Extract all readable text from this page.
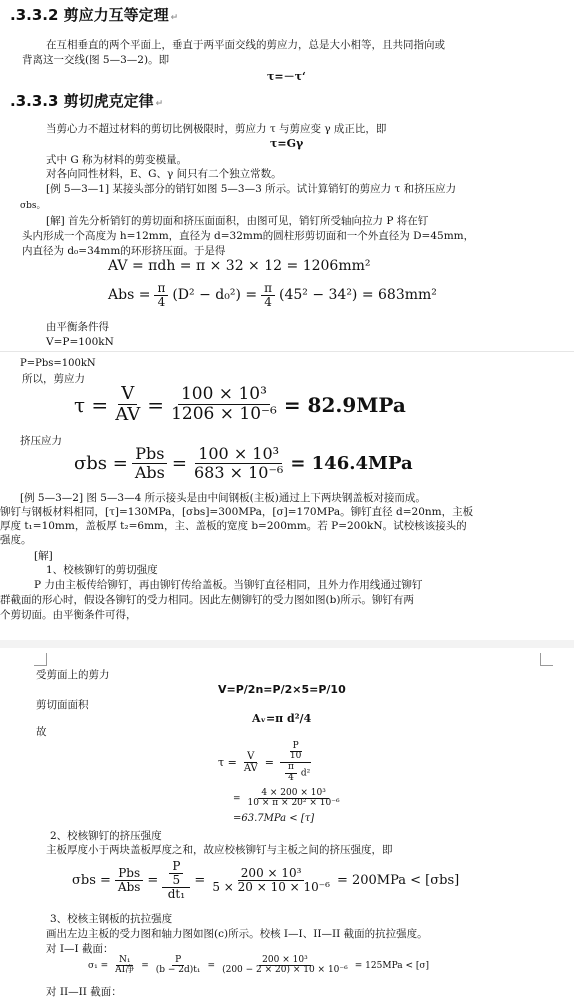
.3.3.2 剪应力互等定理 ↵
在互相垂直的两个平面上，垂直于两平面交线的剪应力，总是大小相等，且共同指向或
背离这一交线(图 5—3—2)。即
τ=－τ‘
.3.3.3 剪切虎克定律 ↵
当剪心力不超过材料的剪切比例极限时，剪应力 τ 与剪应变 γ 成正比，即
τ=Gγ
式中 G 称为材料的剪变模量。
对各向同性材料，E、G、γ 间只有二个独立常数。
[例 5—3—1] 某接头部分的销钉如图 5—3—3 所示。试计算销钉的剪应力 τ 和挤压应力
σbs。
[解] 首先分析销钉的剪切面和挤压面面积，由图可见，销钉所受轴向拉力 P 将在钉
头内形成一个高度为 h=12mm，直径为 d=32mm的圆柱形剪切面和一个外直径为 D=45mm，
内直径为 d₀=34mm的环形挤压面。于是得
AV = πdh = π × 32 × 12 = 1206mm²
Abs = $\frac{\pi}{4} (D^2 - d_0^2) = \frac{\pi}{4} (45^2 - 34^2) = 683mm^2$
由平衡条件得
V=P=100kN
P=Pbs=100kN
所以，剪应力
$\tau = \frac{V}{AV} = \frac{\text{100 × 10³}}{\text{1206 × 10⁻⁶}} = 82.9MPa$
挤压应力
$\sigma bs = \frac{\text{Pbs}}{\text{Abs}} = \frac{\text{100 × 10³}}{\text{683 × 10⁻⁶}} = 146.4MPa$
[例 5—3—2] 图 5—3—4 所示接头是由中间钢板(主板)通过上下两块钢盖板对接而成。
铆钉与钢板材料相同，[τ]=130MPa，[σbs]=300MPa，[σ]=170MPa。铆钉直径 d=20nm，主板
厚度 t₁=10mm，盖板厚 t₂=6mm，主、盖板的宽度 b=200mm。若 P=200kN。试校核该接头的
强度。
[解]
1、校核铆钉的剪切强度
P 力由主板传给铆钉，再由铆钉传给盖板。当铆钉直径相同，且外力作用线通过铆钉
群截面的形心时，假设各铆钉的受力相同。因此左侧铆钉的受力图如图(b)所示。铆钉有两
个剪切面。由平衡条件可得，
受剪面上的剪力
V=P/2n=P/2×5=P/10
剪切面面积
Aᵥ=π d²/4
故
$\tau = \frac{V}{AV} = \frac{\frac{P}{10}}{\frac{\pi}{4} d^2}$
= $\frac{\text{4 × 200 × 10³}}{\text{10 × π × 20² × 10⁻⁶}}$
=63.7MPa < [τ]
2、校核铆钉的挤压强度
主板厚度小于两块盖板厚度之和，故应校核铆钉与主板之间的挤压强度，即
$\sigma bs = \frac{\text{Pbs}}{\text{Abs}} = \frac{\frac{P}{5}}{\text{dt₁}} = \frac{\text{200 × 10³}}{\text{5 × 20 × 10 × 10⁻⁶}} = 200MPa < [\sigma bs]$
3、校核主钢板的抗拉强度
画出左边主板的受力图和轴力图如图(c)所示。校核 I—I、II—II 截面的抗拉强度。
对 I—I 截面：
$\sigma_1 = \frac{\text{N₁}}{\text{AI净}} = \frac{P}{\text{(b − 2d)t₁}} = \frac{\text{200 × 10³}}{\text{(200 − 2 × 20) × 10 × 10⁻⁶}} = 125MPa < [\sigma]$
对 II—II 截面：
